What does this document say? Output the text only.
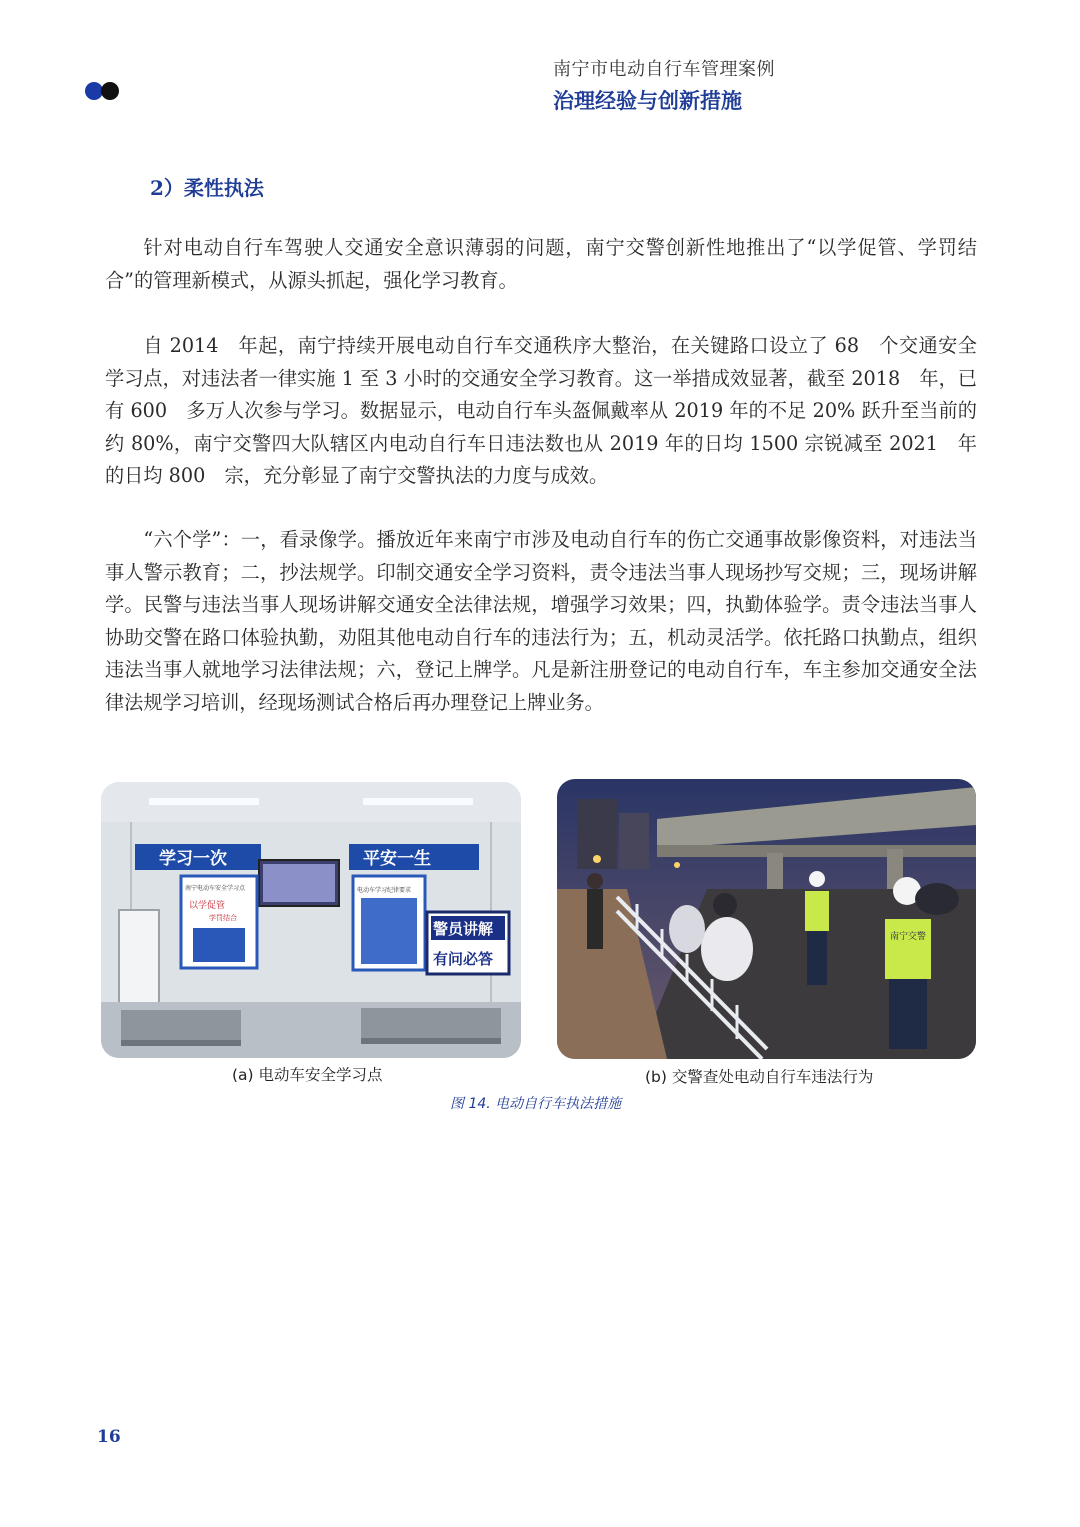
南宁市电动自行车管理案例
治理经验与创新措施
2）柔性执法

针对电动自行车驾驶人交通安全意识薄弱的问题，南宁交警创新性地推出了“以学促管、学罚结合”的管理新模式，从源头抓起，强化学习教育。

自 2014　年起，南宁持续开展电动自行车交通秩序大整治，在关键路口设立了 68　个交通安全学习点，对违法者一律实施 1 至 3 小时的交通安全学习教育。这一举措成效显著，截至 2018　年，已有 600　多万人次参与学习。数据显示，电动自行车头盔佩戴率从 2019 年的不足 20% 跃升至当前的约 80%，南宁交警四大队辖区内电动自行车日违法数也从 2019 年的日均 1500 宗锐减至 2021　年的日均 800　宗，充分彰显了南宁交警执法的力度与成效。

“六个学”：一，看录像学。播放近年来南宁市涉及电动自行车的伤亡交通事故影像资料，对违法当事人警示教育；二，抄法规学。印制交通安全学习资料，责令违法当事人现场抄写交规；三，现场讲解学。民警与违法当事人现场讲解交通安全法律法规，增强学习效果；四，执勤体验学。责令违法当事人协助交警在路口体验执勤，劝阻其他电动自行车的违法行为；五，机动灵活学。依托路口执勤点，组织违法当事人就地学习法律法规；六，登记上牌学。凡是新注册登记的电动自行车，车主参加交通安全法律法规学习培训，经现场测试合格后再办理登记上牌业务。

学习一次	平安一生
南宁电动车安全学习点
以学促管
学罚结合
电动车学习纪律要求
警员讲解
有问必答
南宁交警
(a) 电动车安全学习点	(b) 交警查处电动自行车违法行为
图 14. 电动自行车执法措施
16
